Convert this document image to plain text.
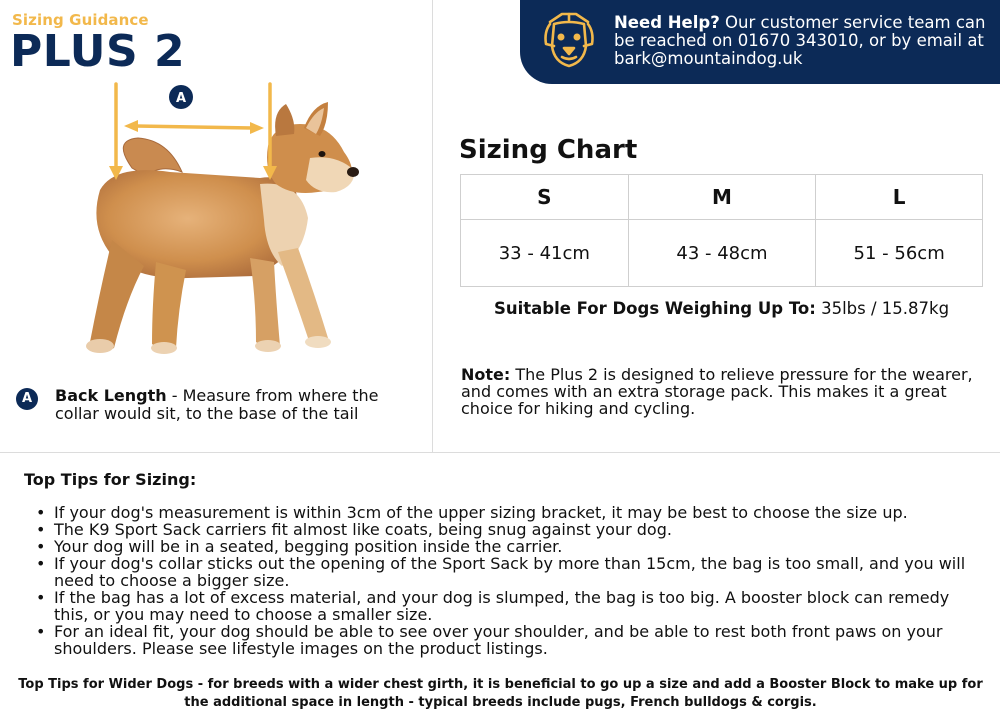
Sizing Guidance
PLUS 2
Need Help? Our customer service team can be reached on 01670 343010, or by email at bark@mountaindog.uk
A
A	Back Length - Measure from where the collar would sit, to the base of the tail
Sizing Chart
S	M	L
33 - 41cm	43 - 48cm	51 - 56cm
Suitable For Dogs Weighing Up To: 35lbs / 15.87kg
Note: The Plus 2 is designed to relieve pressure for the wearer, and comes with an extra storage pack. This makes it a great choice for hiking and cycling.
Top Tips for Sizing:
• If your dog's measurement is within 3cm of the upper sizing bracket, it may be best to choose the size up.
• The K9 Sport Sack carriers fit almost like coats, being snug against your dog.
• Your dog will be in a seated, begging position inside the carrier.
• If your dog's collar sticks out the opening of the Sport Sack by more than 15cm, the bag is too small, and you will need to choose a bigger size.
• If the bag has a lot of excess material, and your dog is slumped, the bag is too big. A booster block can remedy this, or you may need to choose a smaller size.
• For an ideal fit, your dog should be able to see over your shoulder, and be able to rest both front paws on your shoulders. Please see lifestyle images on the product listings.
Top Tips for Wider Dogs - for breeds with a wider chest girth, it is beneficial to go up a size and add a Booster Block to make up for the additional space in length - typical breeds include pugs, French bulldogs & corgis.
